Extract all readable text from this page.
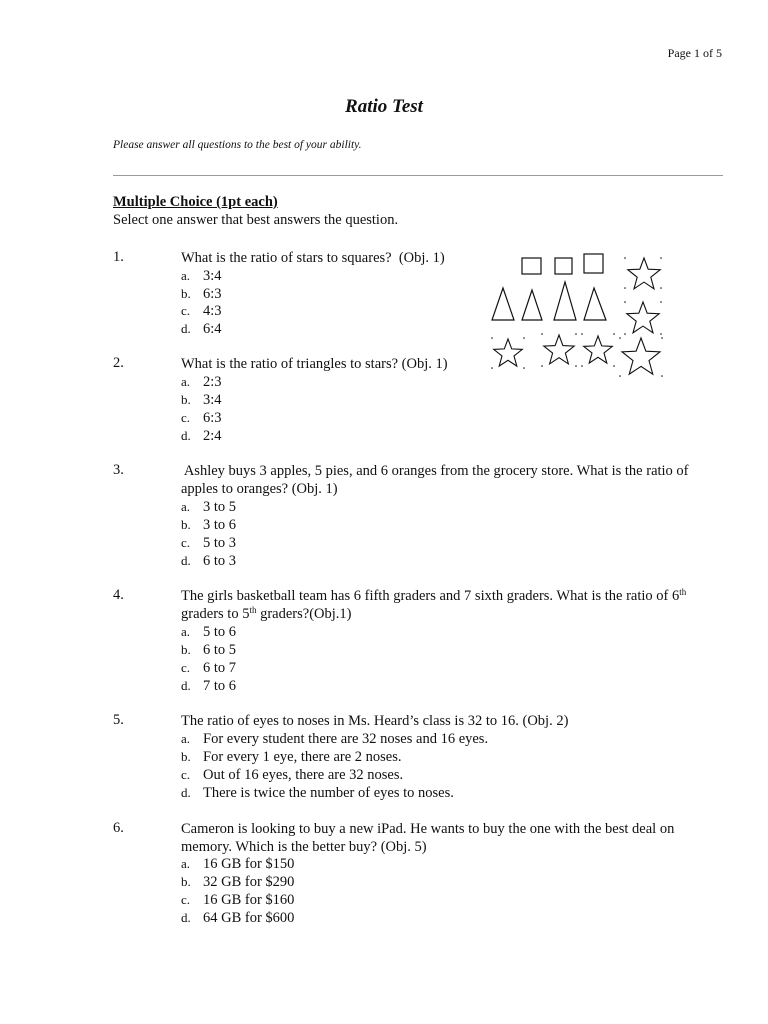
Page 1 of 5
Ratio Test
Please answer all questions to the best of your ability.
Multiple Choice (1pt each)
Select one answer that best answers the question.
1.	What is the ratio of stars to squares?  (Obj. 1)
a. 3:4
b. 6:3
c. 4:3
d. 6:4
2.	What is the ratio of triangles to stars? (Obj. 1)
a. 2:3
b. 3:4
c. 6:3
d. 2:4
3.	Ashley buys 3 apples, 5 pies, and 6 oranges from the grocery store. What is the ratio of
apples to oranges? (Obj. 1)
a. 3 to 5
b. 3 to 6
c. 5 to 3
d. 6 to 3
4.	The girls basketball team has 6 fifth graders and 7 sixth graders. What is the ratio of 6th
graders to 5th graders?(Obj.1)
a. 5 to 6
b. 6 to 5
c. 6 to 7
d. 7 to 6
5.	The ratio of eyes to noses in Ms. Heard’s class is 32 to 16. (Obj. 2)
a. For every student there are 32 noses and 16 eyes.
b. For every 1 eye, there are 2 noses.
c. Out of 16 eyes, there are 32 noses.
d. There is twice the number of eyes to noses.
6.	Cameron is looking to buy a new iPad. He wants to buy the one with the best deal on
memory. Which is the better buy? (Obj. 5)
a. 16 GB for $150
b. 32 GB for $290
c. 16 GB for $160
d. 64 GB for $600
